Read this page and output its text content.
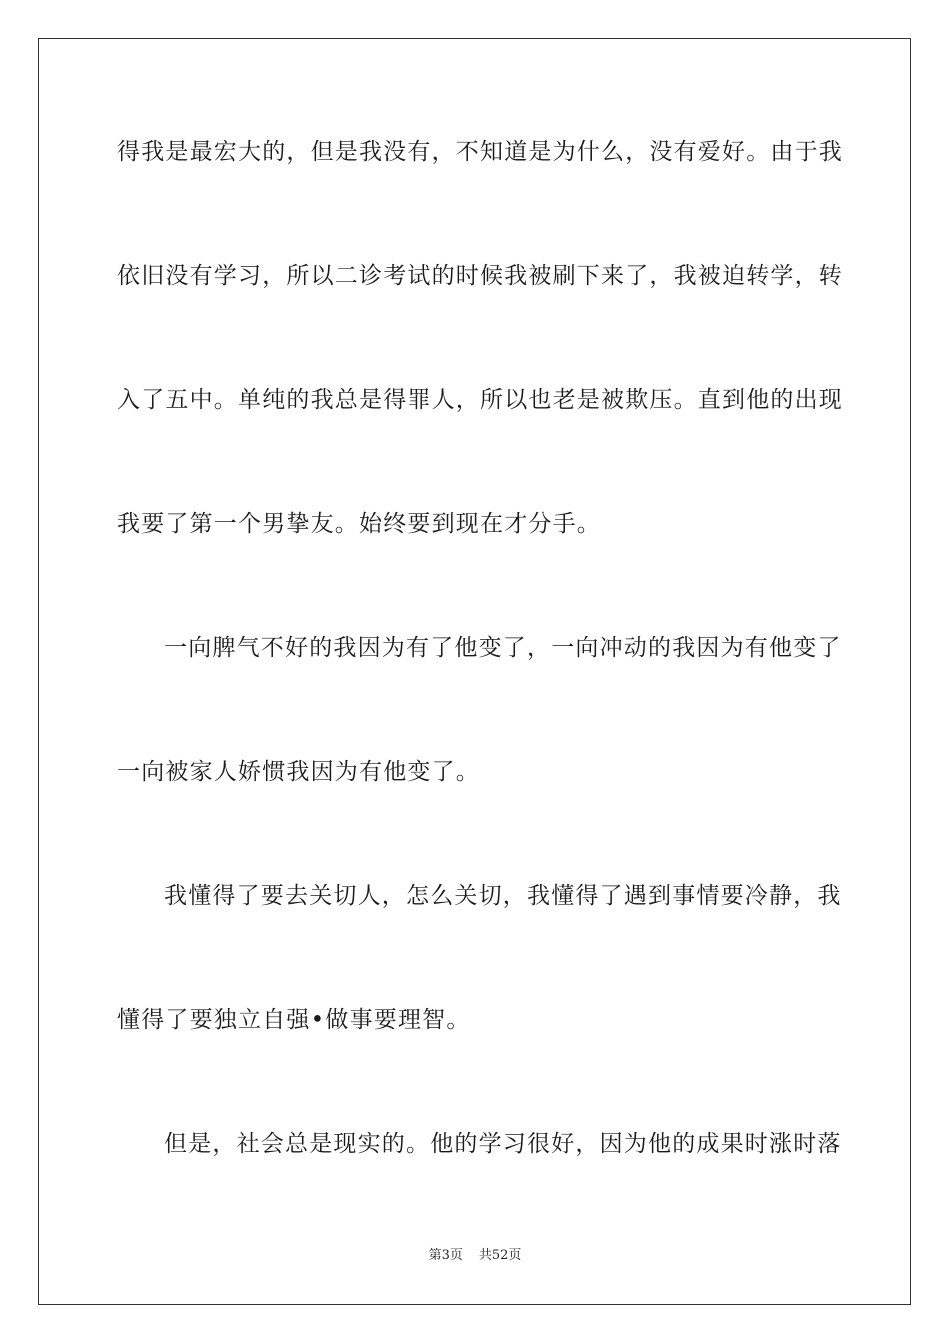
得我是最宏大的，但是我没有，不知道是为什么，没有爱好。由于我
依旧没有学习，所以二诊考试的时候我被刷下来了，我被迫转学，转
入了五中。单纯的我总是得罪人，所以也老是被欺压。直到他的出现
我要了第一个男挚友。始终要到现在才分手。
一向脾气不好的我因为有了他变了，一向冲动的我因为有他变了
一向被家人娇惯我因为有他变了。
我懂得了要去关切人，怎么关切，我懂得了遇到事情要冷静，我
懂得了要独立自强•做事要理智。
但是，社会总是现实的。他的学习很好，因为他的成果时涨时落
第3页 共52页
